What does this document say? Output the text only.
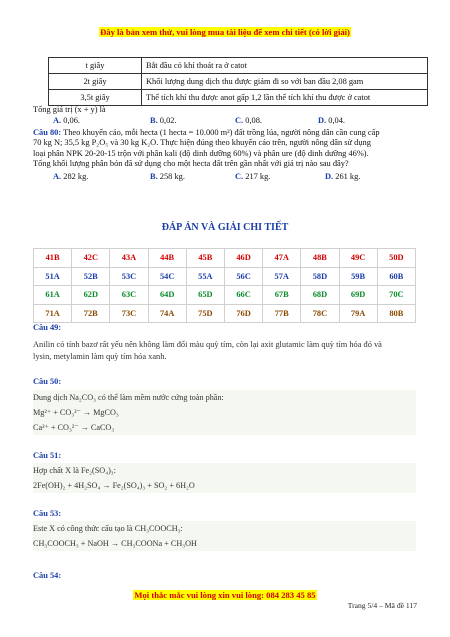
Đây là bản xem thử, vui lòng mua tài liệu để xem chi tiết (có lời giải)
t giây	Bắt đầu có khí thoát ra ở catot
2t giây	Khối lượng dung dịch thu được giảm đi so với ban đầu 2,08 gam
3,5t giây	Thể tích khí thu được anot gấp 1,2 lần thể tích khí thu được ở catot
Tổng giá trị (x + y) là
A. 0,06.	B. 0,02.	C. 0,08.	D. 0,04.
Câu 80: Theo khuyến cáo, mỗi hecta (1 hecta = 10.000 m²) đất trồng lúa, người nông dân cần cung cấp
70 kg N; 35,5 kg P₂O₅ và 30 kg K₂O. Thực hiện đúng theo khuyến cáo trên, người nông dân sử dụng
loại phân NPK 20-20-15 trộn với phân kali (độ dinh dưỡng 60%) và phân ure (độ dinh dưỡng 46%).
Tổng khối lượng phân bón đã sử dụng cho một hecta đất trên gần nhất với giá trị nào sau đây?
A. 282 kg.	B. 258 kg.	C. 217 kg.	D. 261 kg.
ĐÁP ÁN VÀ GIẢI CHI TIẾT
41B	42C	43A	44B	45B	46D	47A	48B	49C	50D
51A	52B	53C	54C	55A	56C	57A	58D	59B	60B
61A	62D	63C	64D	65D	66C	67B	68D	69D	70C
71A	72B	73C	74A	75D	76D	77B	78C	79A	80B
Câu 49:
Anilin có tính bazơ rất yếu nên không làm đổi màu quỳ tím, còn lại axit glutamic làm quỳ tím hóa đỏ và
lysin, metylamin làm quỳ tím hóa xanh.
Câu 50:
Dung dịch Na₂CO₃ có thể làm mềm nước cứng toàn phần:
Mg²⁺ + CO₃²⁻ → MgCO₃
Ca²⁺ + CO₃²⁻ → CaCO₃
Câu 51:
Hợp chất X là Fe₂(SO₄)₃:
2Fe(OH)₂ + 4H₂SO₄ → Fe₂(SO₄)₃ + SO₂ + 6H₂O
Câu 53:
Este X có công thức cấu tạo là CH₃COOCH₃:
CH₃COOCH₃ + NaOH → CH₃COONa + CH₃OH
Câu 54:
Mọi thắc mắc vui lòng xin vui lòng: 084 283 45 85
Trang 5/4 – Mã đề 117
